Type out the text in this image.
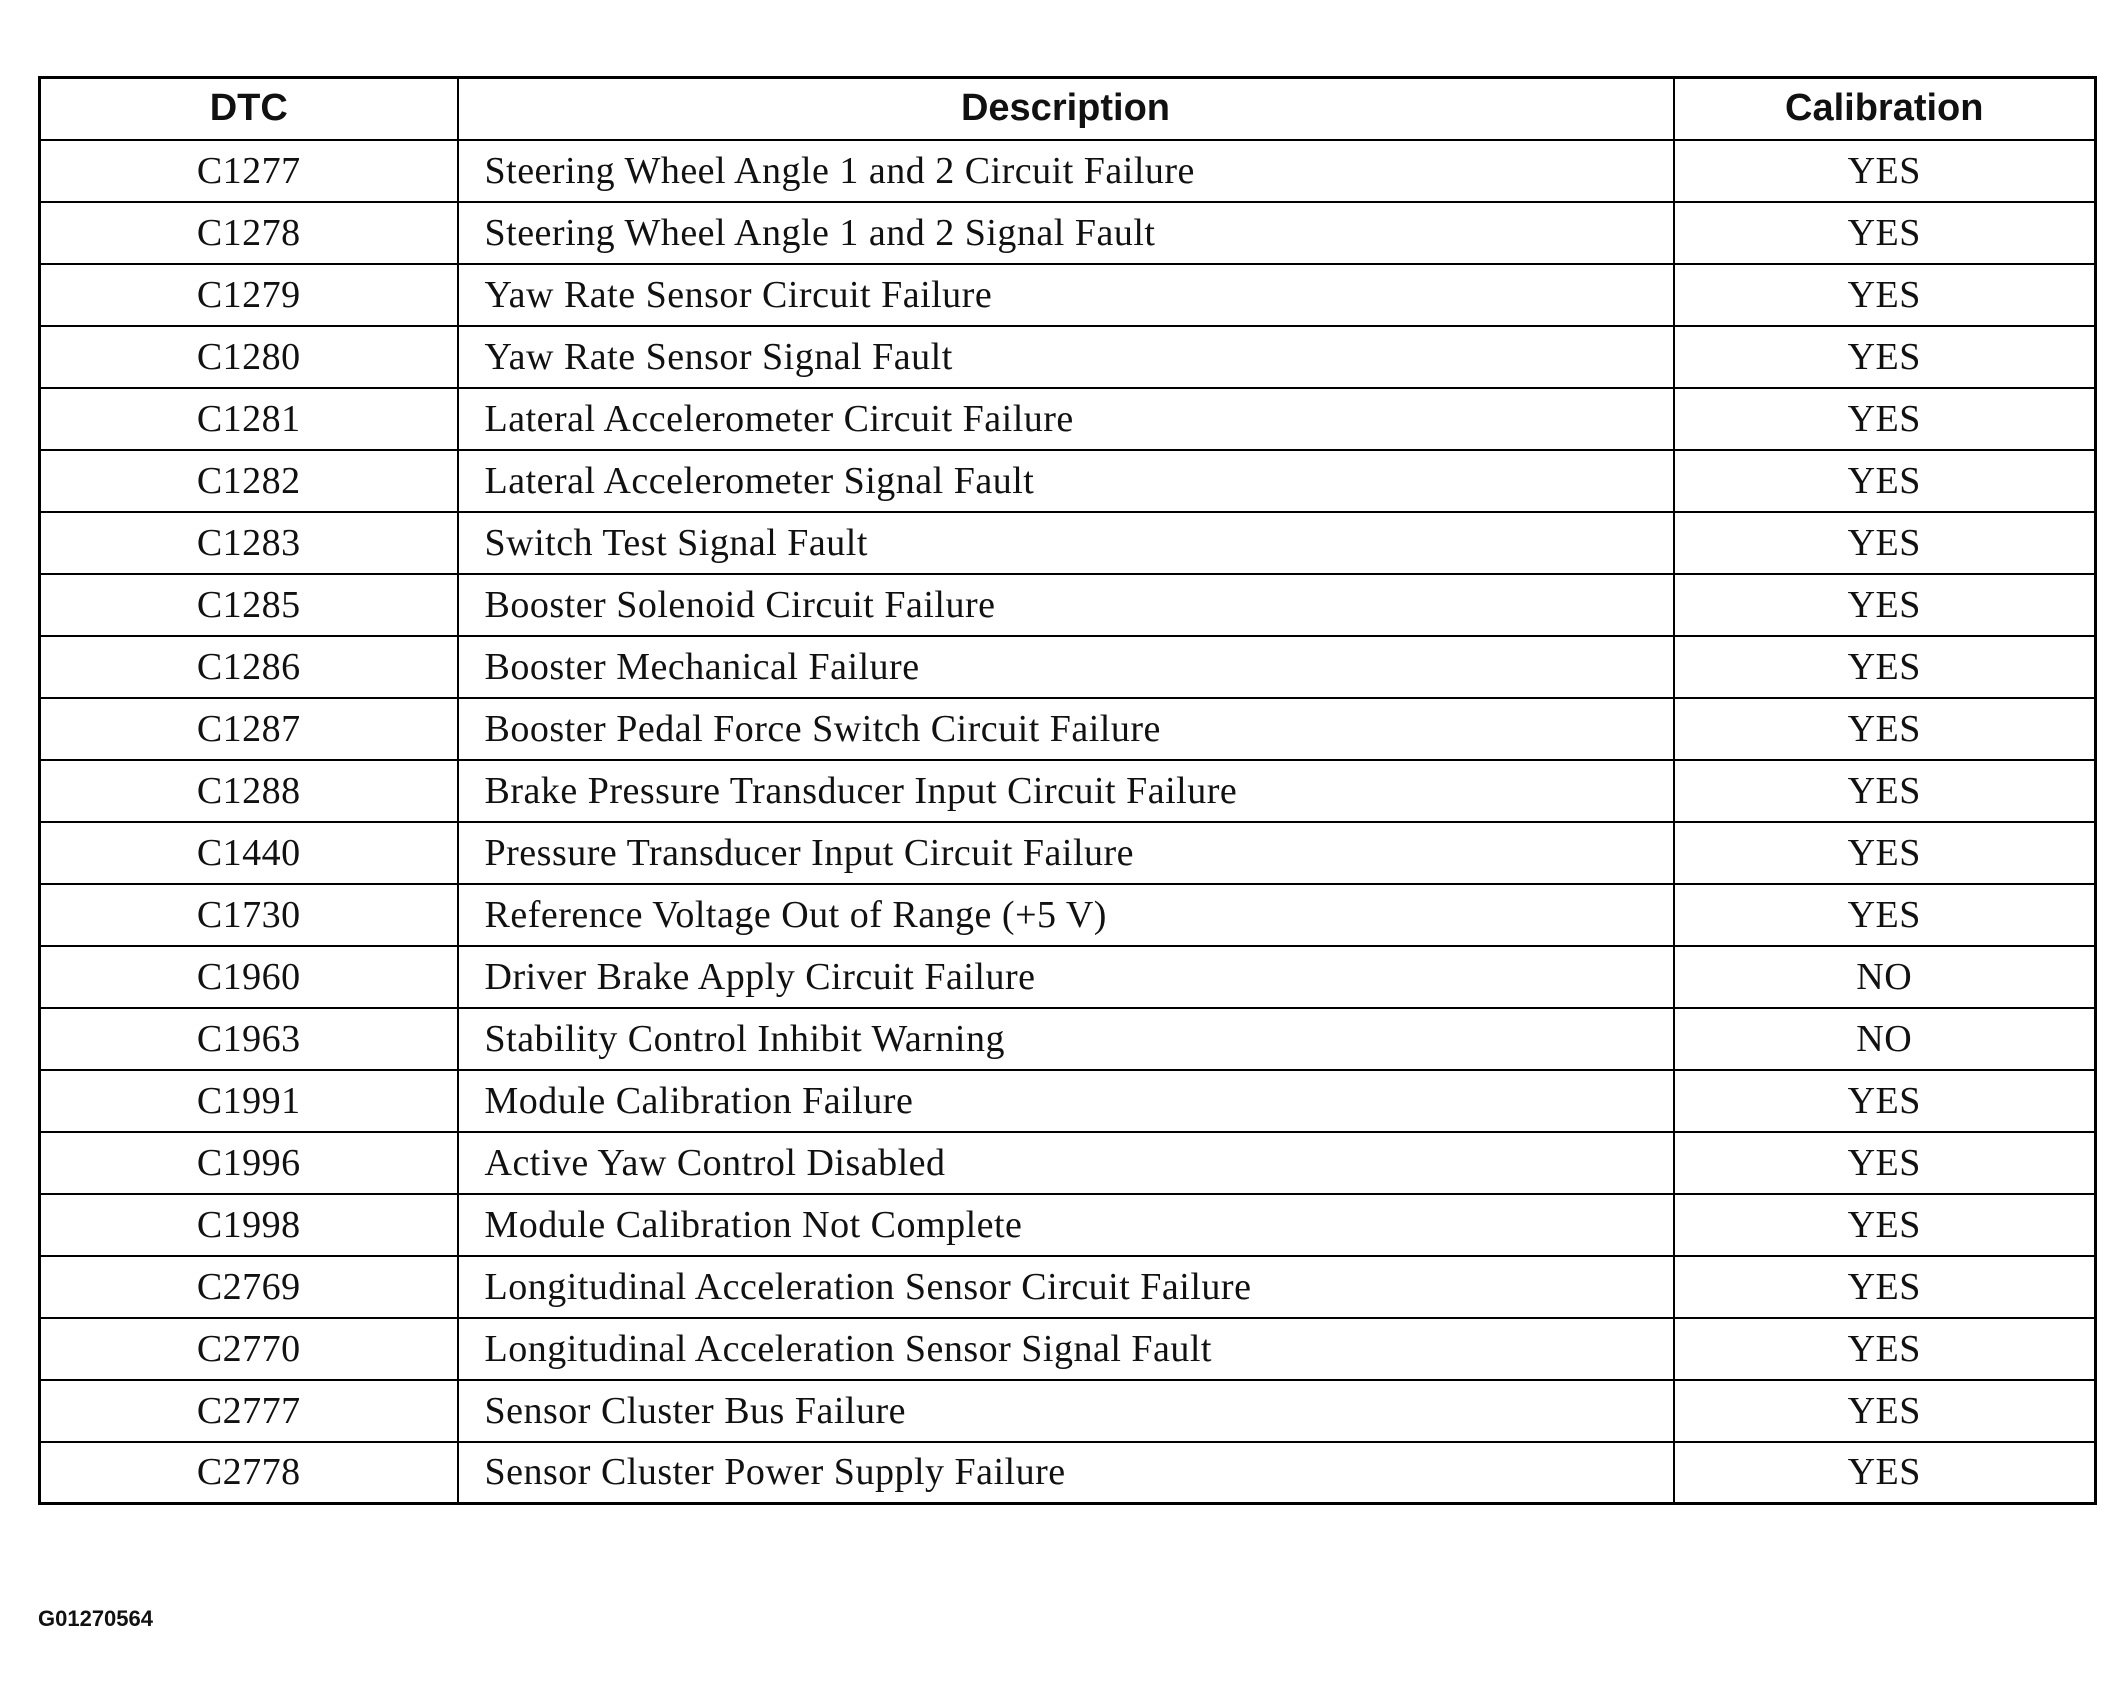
DTC	Description	Calibration
C1277	Steering Wheel Angle 1 and 2 Circuit Failure	YES
C1278	Steering Wheel Angle 1 and 2 Signal Fault	YES
C1279	Yaw Rate Sensor Circuit Failure	YES
C1280	Yaw Rate Sensor Signal Fault	YES
C1281	Lateral Accelerometer Circuit Failure	YES
C1282	Lateral Accelerometer Signal Fault	YES
C1283	Switch Test Signal Fault	YES
C1285	Booster Solenoid Circuit Failure	YES
C1286	Booster Mechanical Failure	YES
C1287	Booster Pedal Force Switch Circuit Failure	YES
C1288	Brake Pressure Transducer Input Circuit Failure	YES
C1440	Pressure Transducer Input Circuit Failure	YES
C1730	Reference Voltage Out of Range (+5 V)	YES
C1960	Driver Brake Apply Circuit Failure	NO
C1963	Stability Control Inhibit Warning	NO
C1991	Module Calibration Failure	YES
C1996	Active Yaw Control Disabled	YES
C1998	Module Calibration Not Complete	YES
C2769	Longitudinal Acceleration Sensor Circuit Failure	YES
C2770	Longitudinal Acceleration Sensor Signal Fault	YES
C2777	Sensor Cluster Bus Failure	YES
C2778	Sensor Cluster Power Supply Failure	YES
G01270564
